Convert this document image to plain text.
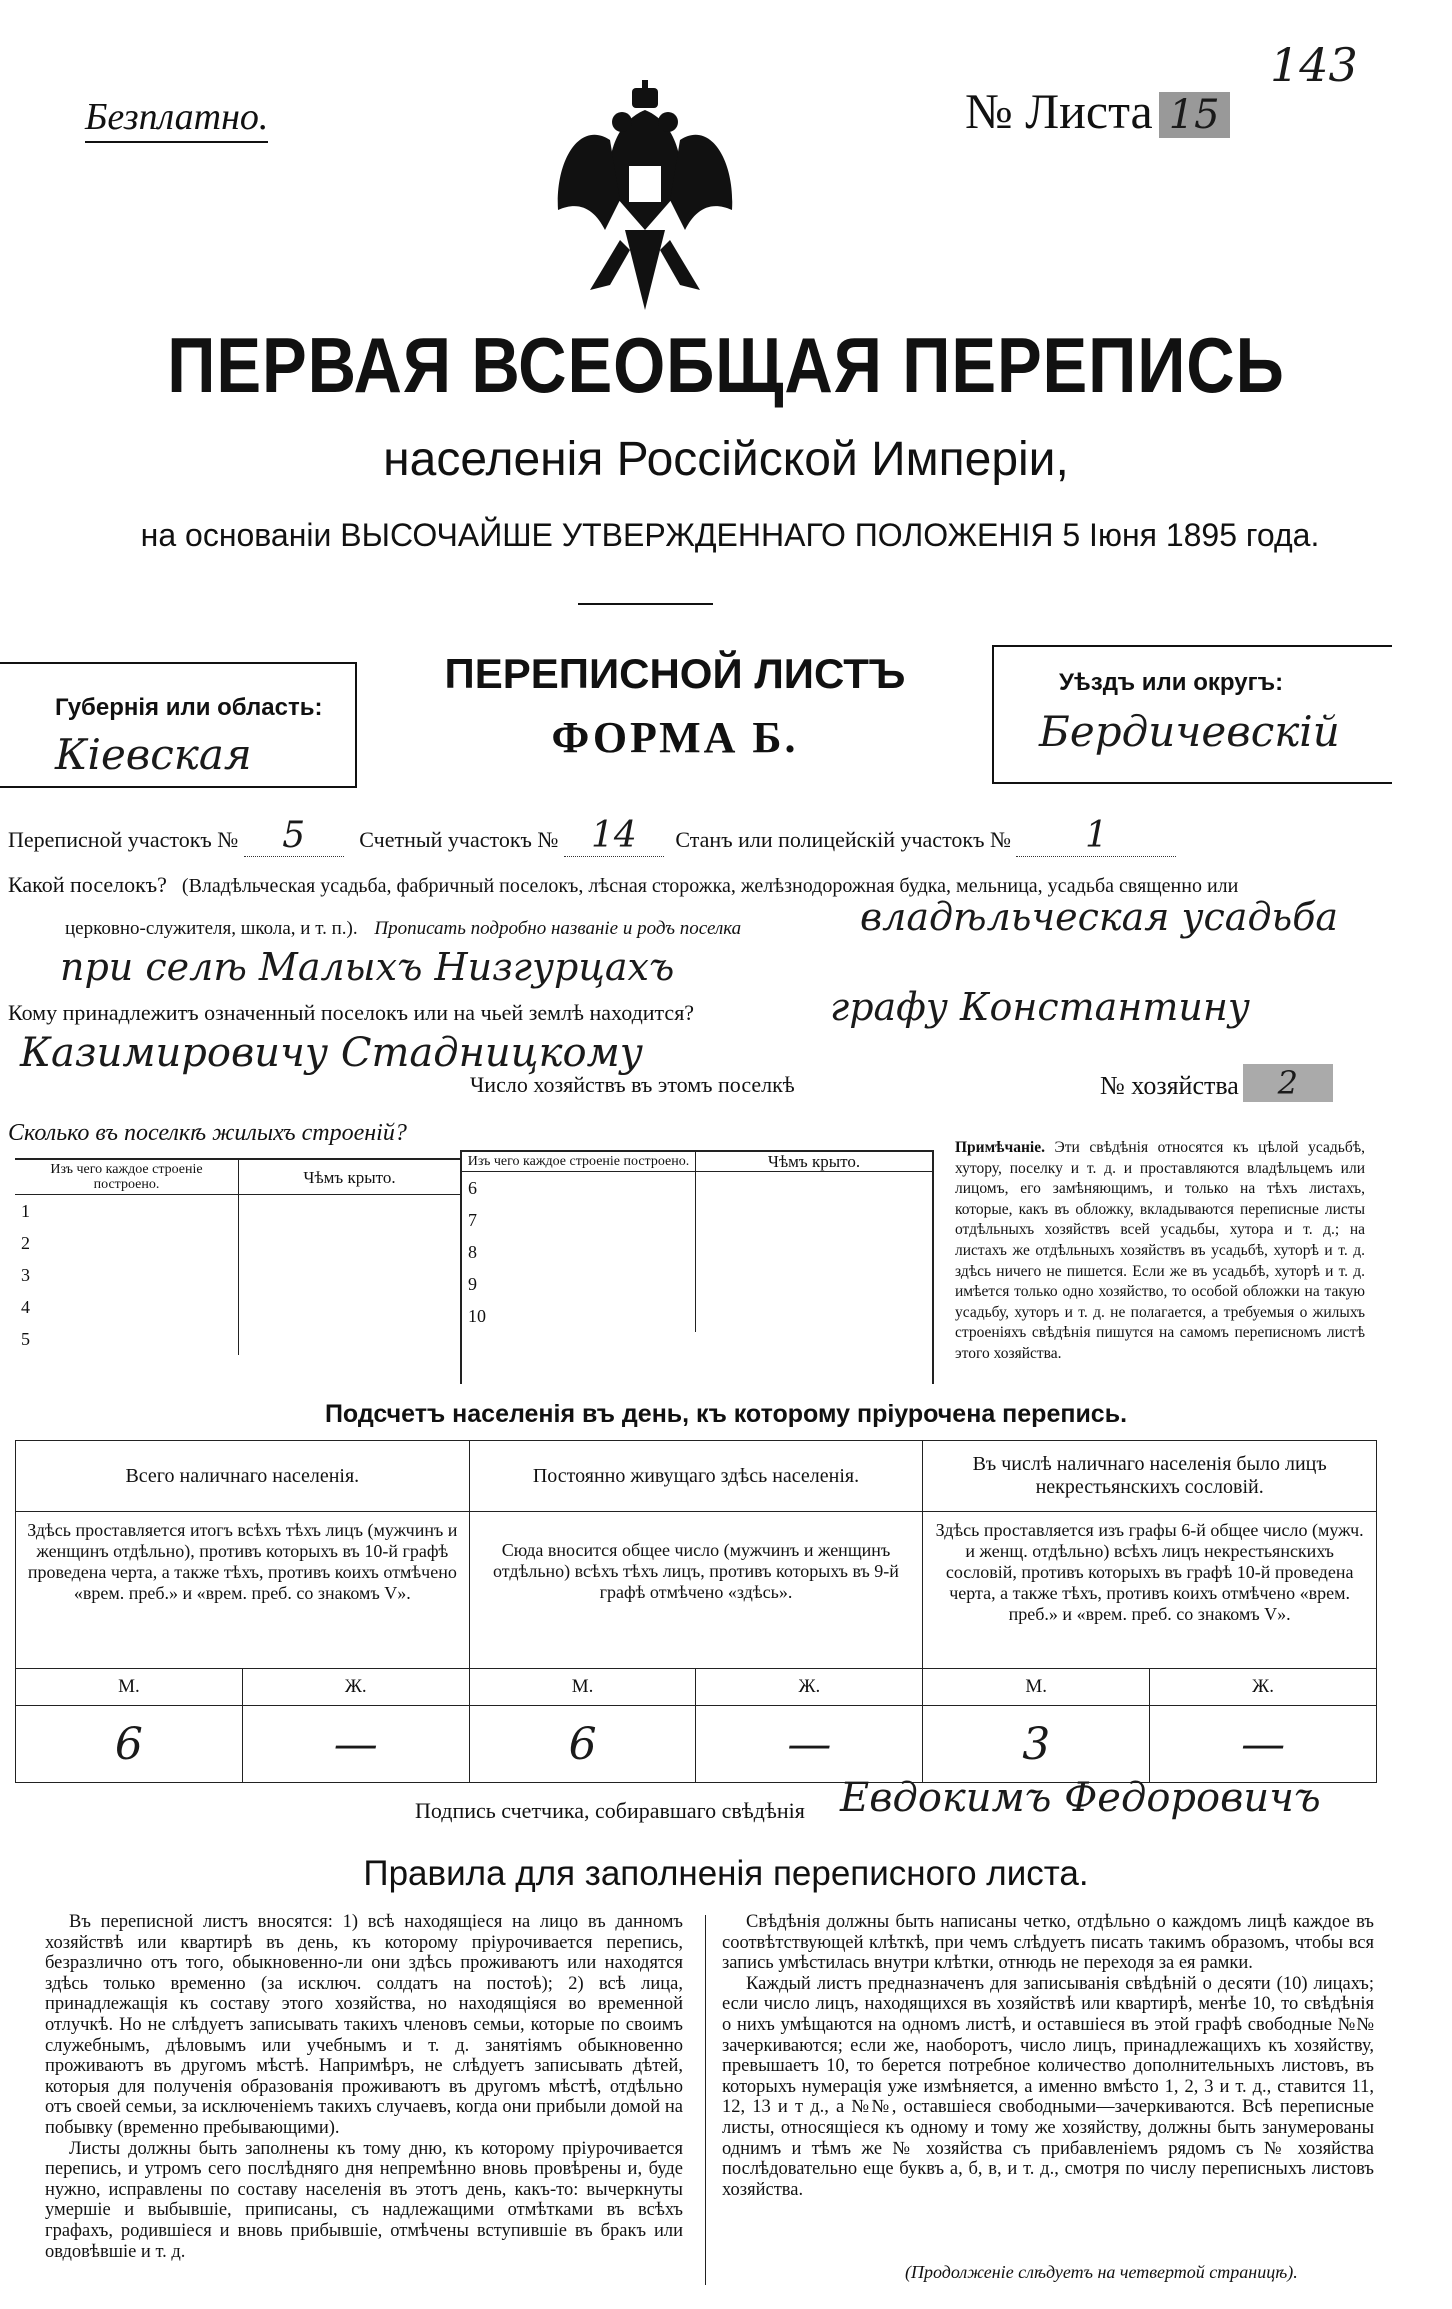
Безплатно.	№ Листа 15
143
ПЕРВАЯ ВСЕОБЩАЯ ПЕРЕПИСЬ
населенія Россійской Имперіи,
на основаніи ВЫСОЧАЙШЕ УТВЕРЖДЕННАГО ПОЛОЖЕНІЯ 5 Іюня 1895 года.
Губернія или область:
Кіевская
ПЕРЕПИСНОЙ ЛИСТЪ
ФОРМА Б.
Уѣздъ или округъ:
Бердичевскій
Переписной участокъ № 5 Счетный участокъ № 14 Станъ или полицейскій участокъ № 1
Какой поселокъ? (Владѣльческая усадьба, фабричный поселокъ, лѣсная сторожка, желѣзнодорожная будка, мельница, усадьба священно или
церковно-служителя, школа, и т. п.). Прописать подробно названіе и родъ поселка	владѣльческая усадьба
при селѣ Малыхъ Низгурцахъ
Кому принадлежитъ означенный поселокъ или на чьей землѣ находится?	графу Константину
Казимировичу Стадницкому
Число хозяйствъ въ этомъ поселкѣ	№ хозяйства 2
Сколько въ поселкѣ жилыхъ строеній?
Изъ чего каждое строеніе построено.	Чѣмъ крыто.
1	
2	
3	
4	
5	
Изъ чего каждое строеніе построено.	Чѣмъ крыто.
6	
7	
8	
9	
10	
Примѣчаніе. Эти свѣдѣнія относятся къ цѣлой усадьбѣ, хутору, поселку и т. д. и проставляются владѣльцемъ или лицомъ, его замѣняющимъ, и только на тѣхъ листахъ, которые, какъ въ обложку, вкладываются переписные листы отдѣльныхъ хозяйствъ всей усадьбы, хутора и т. д.; на листахъ же отдѣльныхъ хозяйствъ въ усадьбѣ, хуторѣ и т. д. здѣсь ничего не пишется. Если же въ усадьбѣ, хуторѣ и т. д. имѣется только одно хозяйство, то особой обложки на такую усадьбу, хуторъ и т. д. не полагается, а требуемыя о жилыхъ строеніяхъ свѣдѣнія пишутся на самомъ переписномъ листѣ этого хозяйства.
Подсчетъ населенія въ день, къ которому пріурочена перепись.
Всего наличнаго населенія.		Постоянно живущаго здѣсь населенія.		Въ числѣ наличнаго населенія было лицъ некрестьянскихъ сословій.	
Здѣсь проставляется итогъ всѣхъ тѣхъ лицъ (мужчинъ и женщинъ отдѣльно), противъ которыхъ въ 10-й графѣ проведена черта, а также тѣхъ, противъ коихъ отмѣчено «врем. преб.» и «врем. преб. со знакомъ V».		Сюда вносится общее число (мужчинъ и женщинъ отдѣльно) всѣхъ тѣхъ лицъ, противъ которыхъ въ 9-й графѣ отмѣчено «здѣсь».		Здѣсь проставляется изъ графы 6-й общее число (мужч. и женщ. отдѣльно) всѣхъ лицъ некрестьянскихъ сословій, противъ которыхъ въ графѣ 10-й проведена черта, а также тѣхъ, противъ коихъ отмѣчено «врем. преб.» и «врем. преб. со знакомъ V».	
М.	Ж.	М.	Ж.	М.	Ж.
6	—	6	—	3	—
Подпись счетчика, собиравшаго свѣдѣнія Евдокимъ Федоровичъ
Правила для заполненія переписного листа.

Въ переписной листъ вносятся: 1) всѣ находящіеся на лицо въ данномъ хозяйствѣ или квартирѣ въ день, къ которому пріурочивается перепись, безразлично отъ того, обыкновенно-ли они здѣсь проживаютъ или находятся здѣсь только временно (за исключ. солдатъ на постоѣ); 2) всѣ лица, принадлежащія къ составу этого хозяйства, но находящіяся во временной отлучкѣ. Но не слѣдуетъ записывать такихъ членовъ семьи, которые по своимъ служебнымъ, дѣловымъ или учебнымъ и т. д. занятіямъ обыкновенно проживаютъ въ другомъ мѣстѣ. Напримѣръ, не слѣдуетъ записывать дѣтей, которыя для полученія образованія проживаютъ въ другомъ мѣстѣ, отдѣльно отъ своей семьи, за исключеніемъ такихъ случаевъ, когда они прибыли домой на побывку (временно пребывающими).

Листы должны быть заполнены къ тому дню, къ которому пріурочивается перепись, и утромъ сего послѣдняго дня непремѣнно вновь провѣрены и, буде нужно, исправлены по составу населенія въ этотъ день, какъ-то: вычеркнуты умершіе и выбывшіе, приписаны, съ надлежащими отмѣтками въ всѣхъ графахъ, родившіеся и вновь прибывшіе, отмѣчены вступившіе въ бракъ или овдовѣвшіе и т. д.

Свѣдѣнія должны быть написаны четко, отдѣльно о каждомъ лицѣ каждое въ соотвѣтствующей клѣткѣ, при чемъ слѣдуетъ писать такимъ образомъ, чтобы вся запись умѣстилась внутри клѣтки, отнюдь не переходя за ея рамки.

Каждый листъ предназначенъ для записыванія свѣдѣній о десяти (10) лицахъ; если число лицъ, находящихся въ хозяйствѣ или квартирѣ, менѣе 10, то свѣдѣнія о нихъ умѣщаются на одномъ листѣ, и оставшіеся въ этой графѣ свободные №№ зачеркиваются; если же, наоборотъ, число лицъ, принадлежащихъ къ хозяйству, превышаетъ 10, то берется потребное количество дополнительныхъ листовъ, въ которыхъ нумерація уже измѣняется, а именно вмѣсто 1, 2, 3 и т. д., ставится 11, 12, 13 и т д., а №№, оставшіеся свободными—зачеркиваются. Всѣ переписные листы, относящіеся къ одному и тому же хозяйству, должны быть занумерованы однимъ и тѣмъ же № хозяйства съ прибавленіемъ рядомъ съ № хозяйства послѣдовательно еще буквъ а, б, в, и т. д., смотря по числу переписныхъ листовъ хозяйства.

(Продолженіе слѣдуетъ на четвертой страницѣ).
